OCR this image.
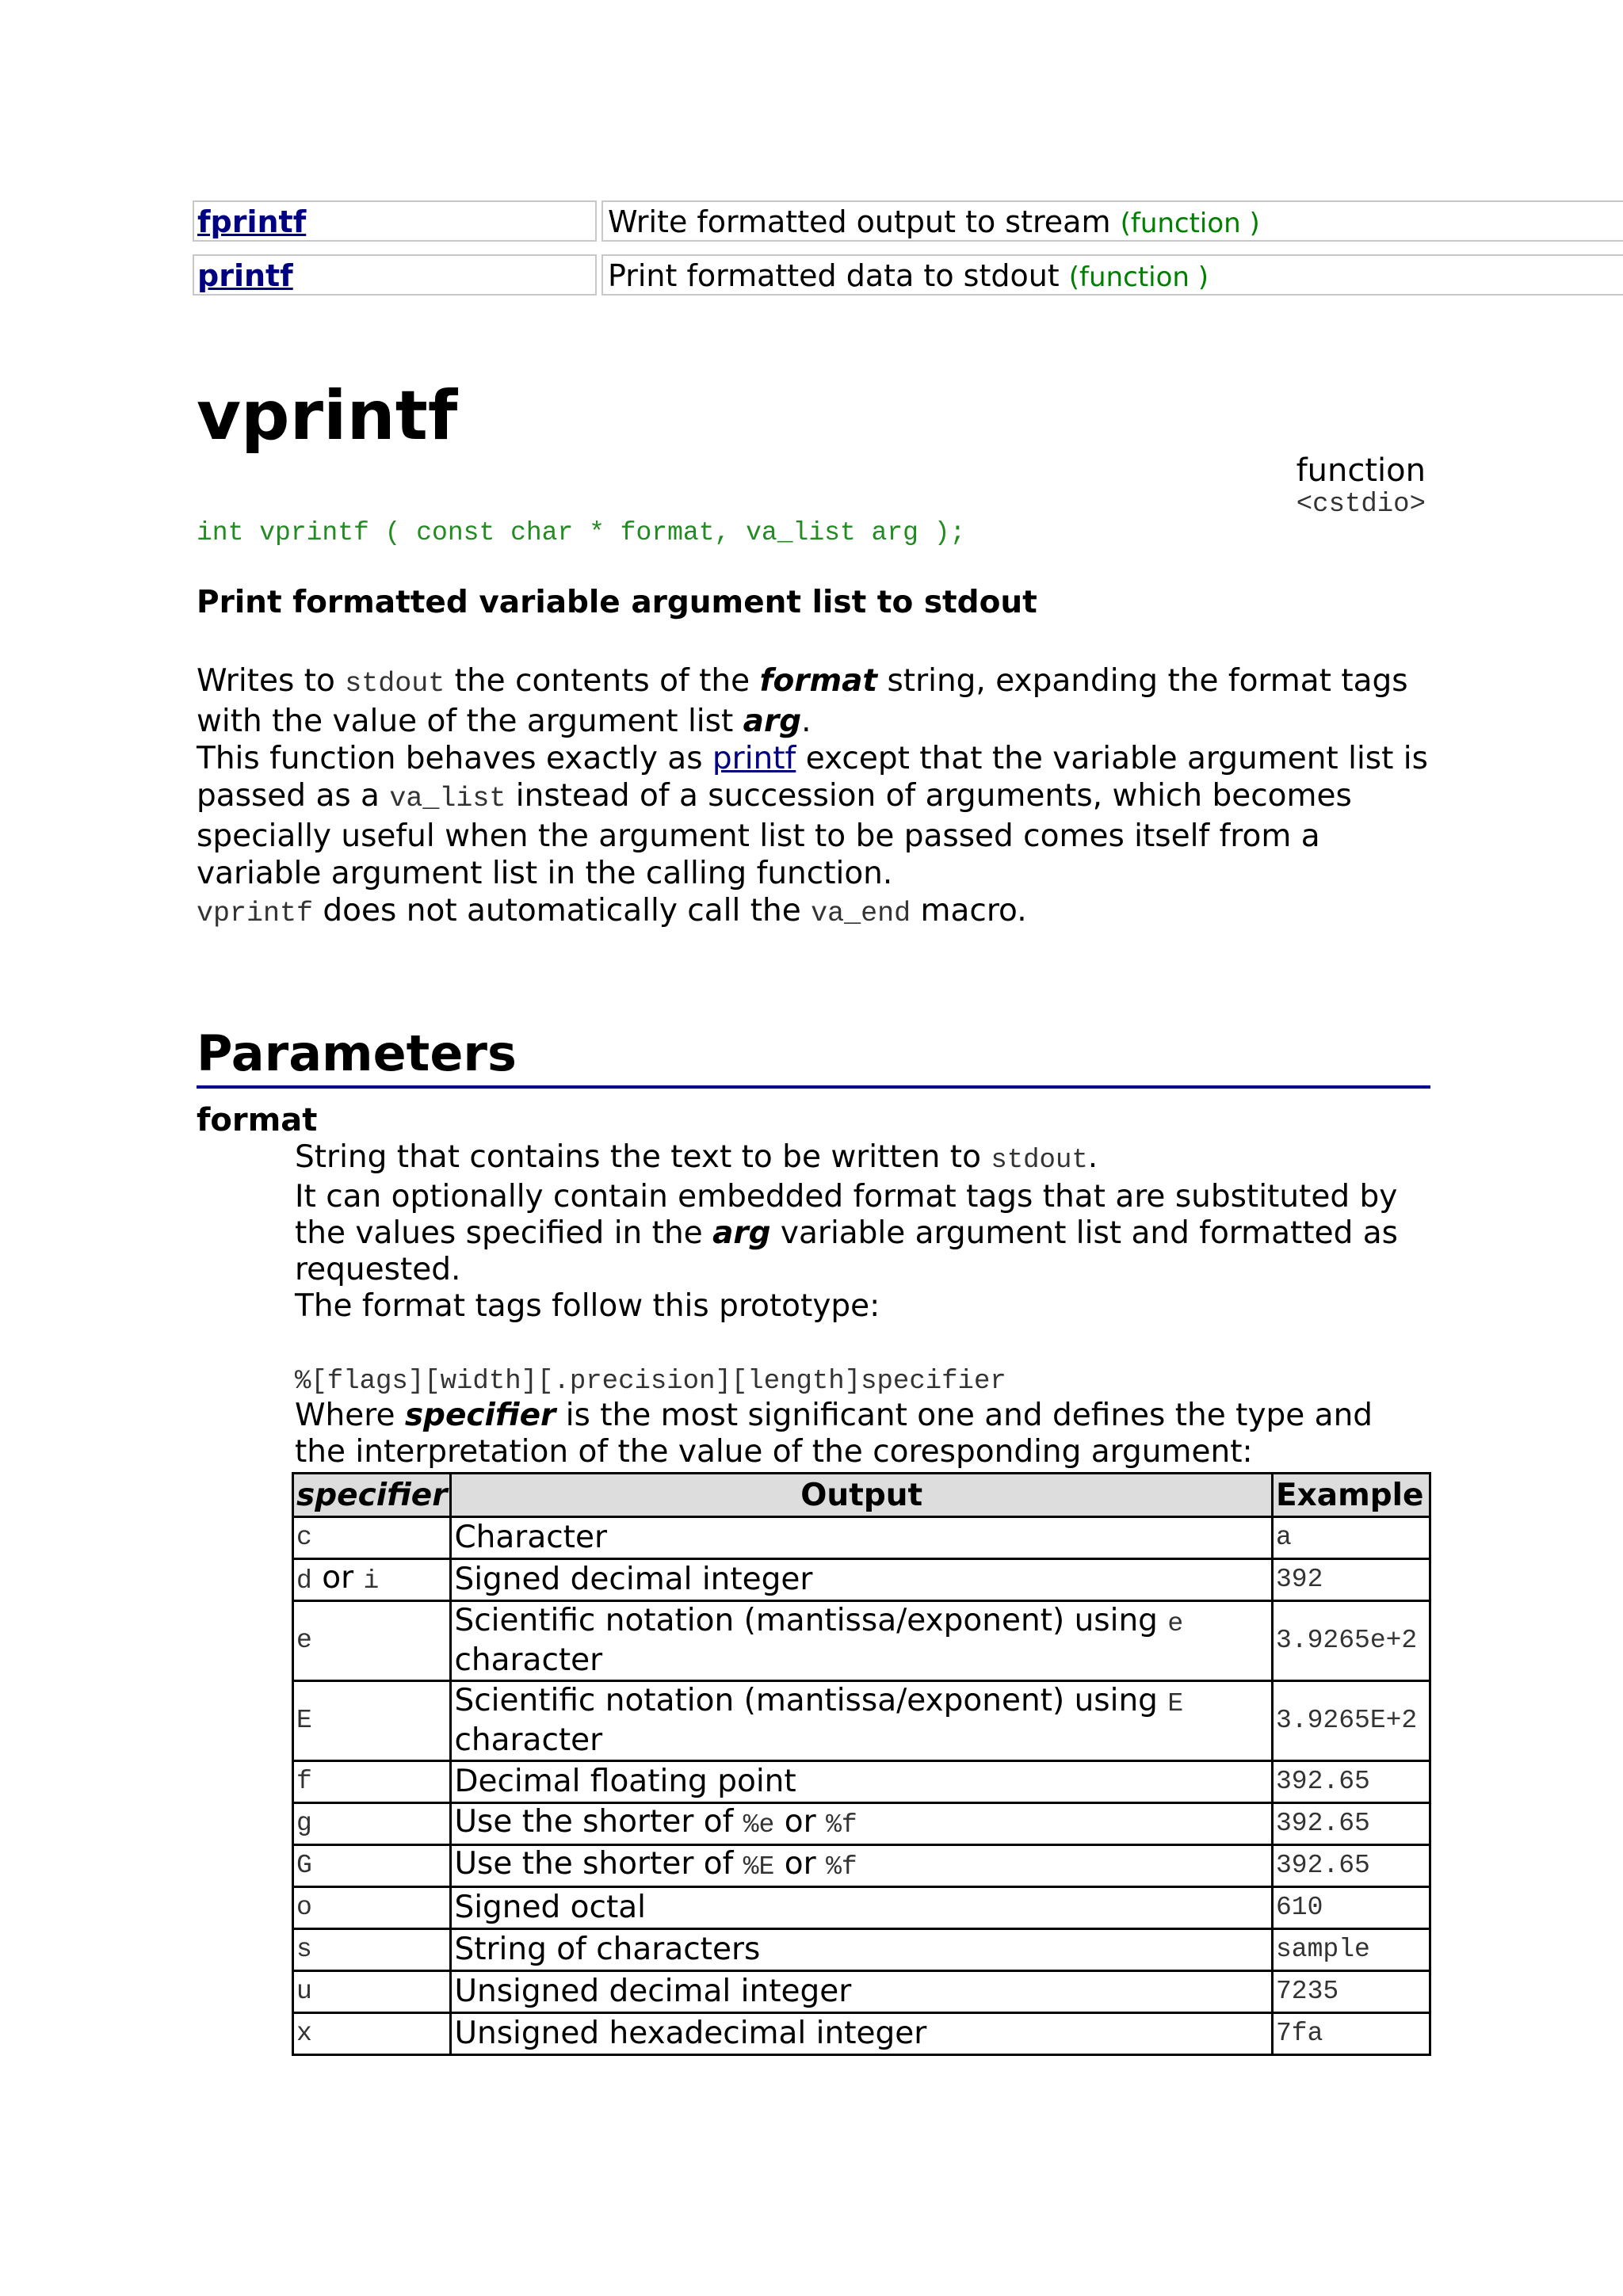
fprintf	Write formatted output to stream (function )
printf	Print formatted data to stdout (function )
vprintf
function
<cstdio>
int vprintf ( const char * format, va_list arg );
Print formatted variable argument list to stdout
Writes to stdout the contents of the format string, expanding the format tags with the value of the argument list arg.
This function behaves exactly as printf except that the variable argument list is passed as a va_list instead of a succession of arguments, which becomes specially useful when the argument list to be passed comes itself from a variable argument list in the calling function.
vprintf does not automatically call the va_end macro.
Parameters
format
String that contains the text to be written to stdout.
It can optionally contain embedded format tags that are substituted by the values specified in the arg variable argument list and formatted as requested.
The format tags follow this prototype:
%[flags][width][.precision][length]specifier
Where specifier is the most significant one and defines the type and the interpretation of the value of the coresponding argument:
specifier	Output	Example
c	Character	a
d or i	Signed decimal integer	392
e	Scientific notation (mantissa/exponent) using e character	3.9265e+2
E	Scientific notation (mantissa/exponent) using E character	3.9265E+2
f	Decimal floating point	392.65
g	Use the shorter of %e or %f	392.65
G	Use the shorter of %E or %f	392.65
o	Signed octal	610
s	String of characters	sample
u	Unsigned decimal integer	7235
x	Unsigned hexadecimal integer	7fa
